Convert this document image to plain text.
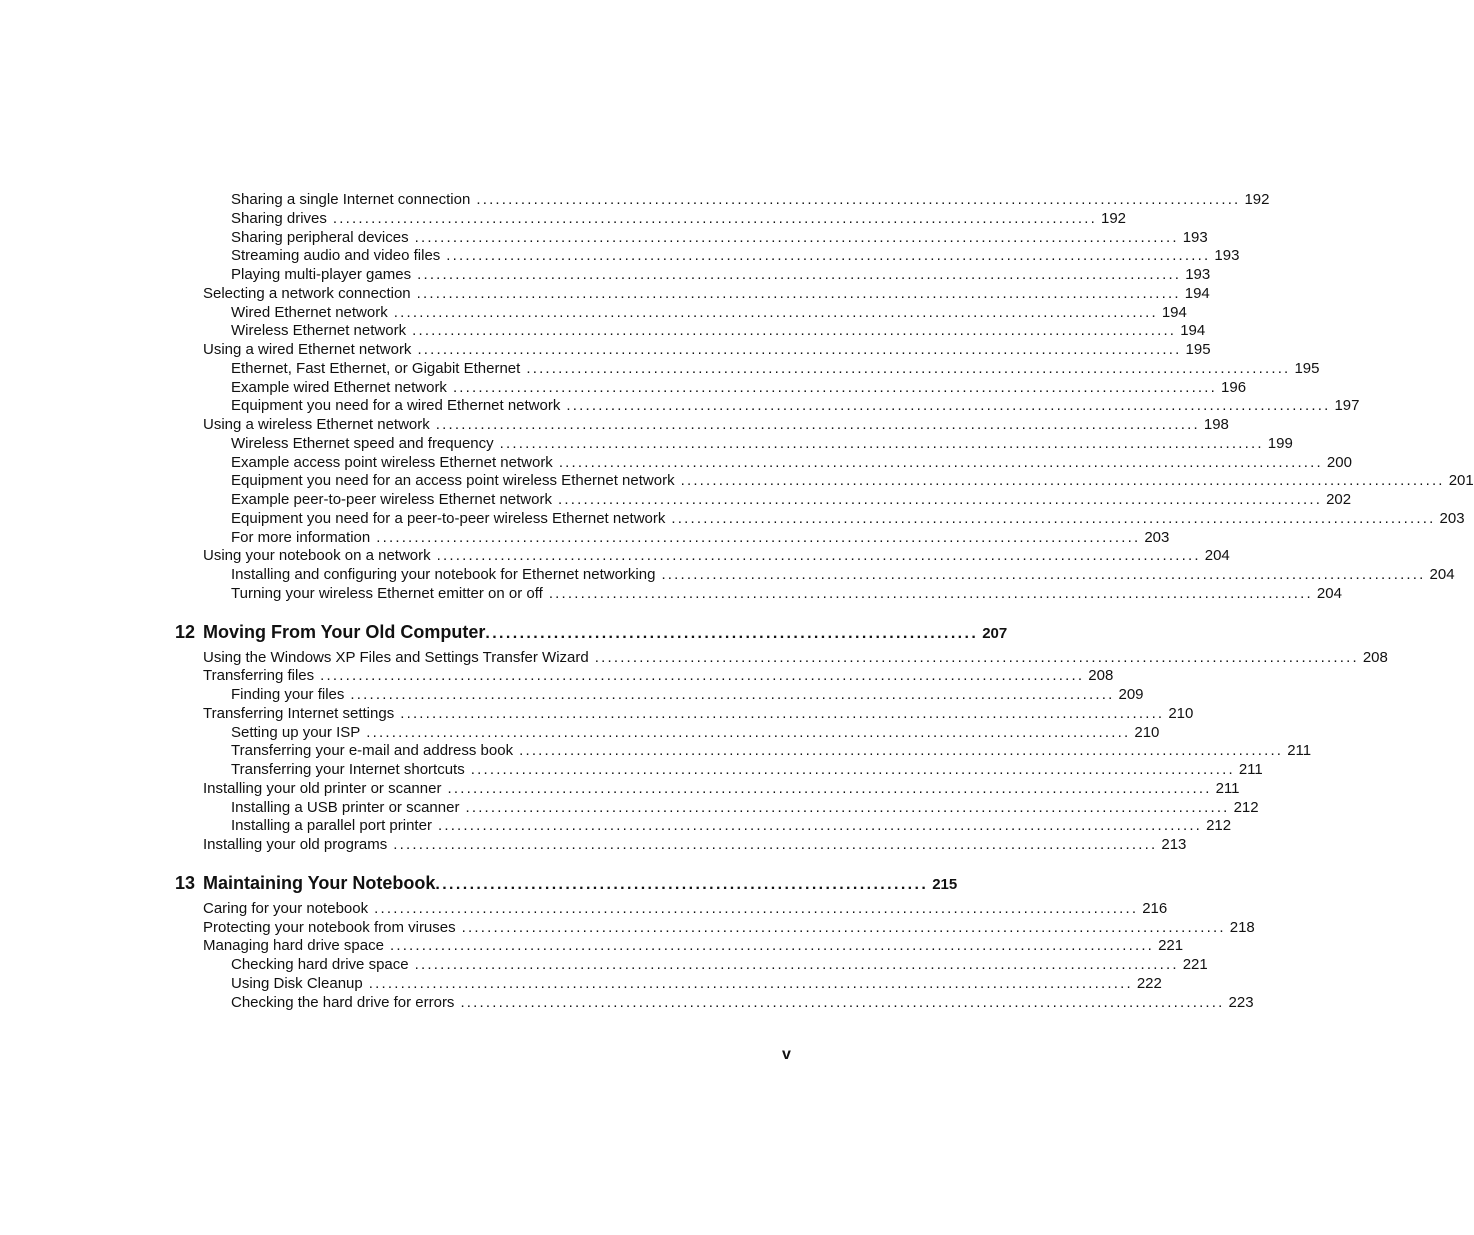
Sharing a single Internet connection ........................................................................................................................ 192
Sharing drives ........................................................................................................................ 192
Sharing peripheral devices ........................................................................................................................ 193
Streaming audio and video files ........................................................................................................................ 193
Playing multi-player games ........................................................................................................................ 193
Selecting a network connection ........................................................................................................................ 194
Wired Ethernet network ........................................................................................................................ 194
Wireless Ethernet network ........................................................................................................................ 194
Using a wired Ethernet network ........................................................................................................................ 195
Ethernet, Fast Ethernet, or Gigabit Ethernet ........................................................................................................................ 195
Example wired Ethernet network ........................................................................................................................ 196
Equipment you need for a wired Ethernet network ........................................................................................................................ 197
Using a wireless Ethernet network ........................................................................................................................ 198
Wireless Ethernet speed and frequency ........................................................................................................................ 199
Example access point wireless Ethernet network ........................................................................................................................ 200
Equipment you need for an access point wireless Ethernet network ........................................................................................................................ 201
Example peer-to-peer wireless Ethernet network ........................................................................................................................ 202
Equipment you need for a peer-to-peer wireless Ethernet network ........................................................................................................................ 203
For more information ........................................................................................................................ 203
Using your notebook on a network ........................................................................................................................ 204
Installing and configuring your notebook for Ethernet networking ........................................................................................................................ 204
Turning your wireless Ethernet emitter on or off ........................................................................................................................ 204
12 Moving From Your Old Computer ........................................................................ 207
Using the Windows XP Files and Settings Transfer Wizard ........................................................................................................................ 208
Transferring files ........................................................................................................................ 208
Finding your files ........................................................................................................................ 209
Transferring Internet settings ........................................................................................................................ 210
Setting up your ISP ........................................................................................................................ 210
Transferring your e-mail and address book ........................................................................................................................ 211
Transferring your Internet shortcuts ........................................................................................................................ 211
Installing your old printer or scanner ........................................................................................................................ 211
Installing a USB printer or scanner ........................................................................................................................ 212
Installing a parallel port printer ........................................................................................................................ 212
Installing your old programs ........................................................................................................................ 213
13 Maintaining Your Notebook ........................................................................ 215
Caring for your notebook ........................................................................................................................ 216
Protecting your notebook from viruses ........................................................................................................................ 218
Managing hard drive space ........................................................................................................................ 221
Checking hard drive space ........................................................................................................................ 221
Using Disk Cleanup ........................................................................................................................ 222
Checking the hard drive for errors ........................................................................................................................ 223
v
